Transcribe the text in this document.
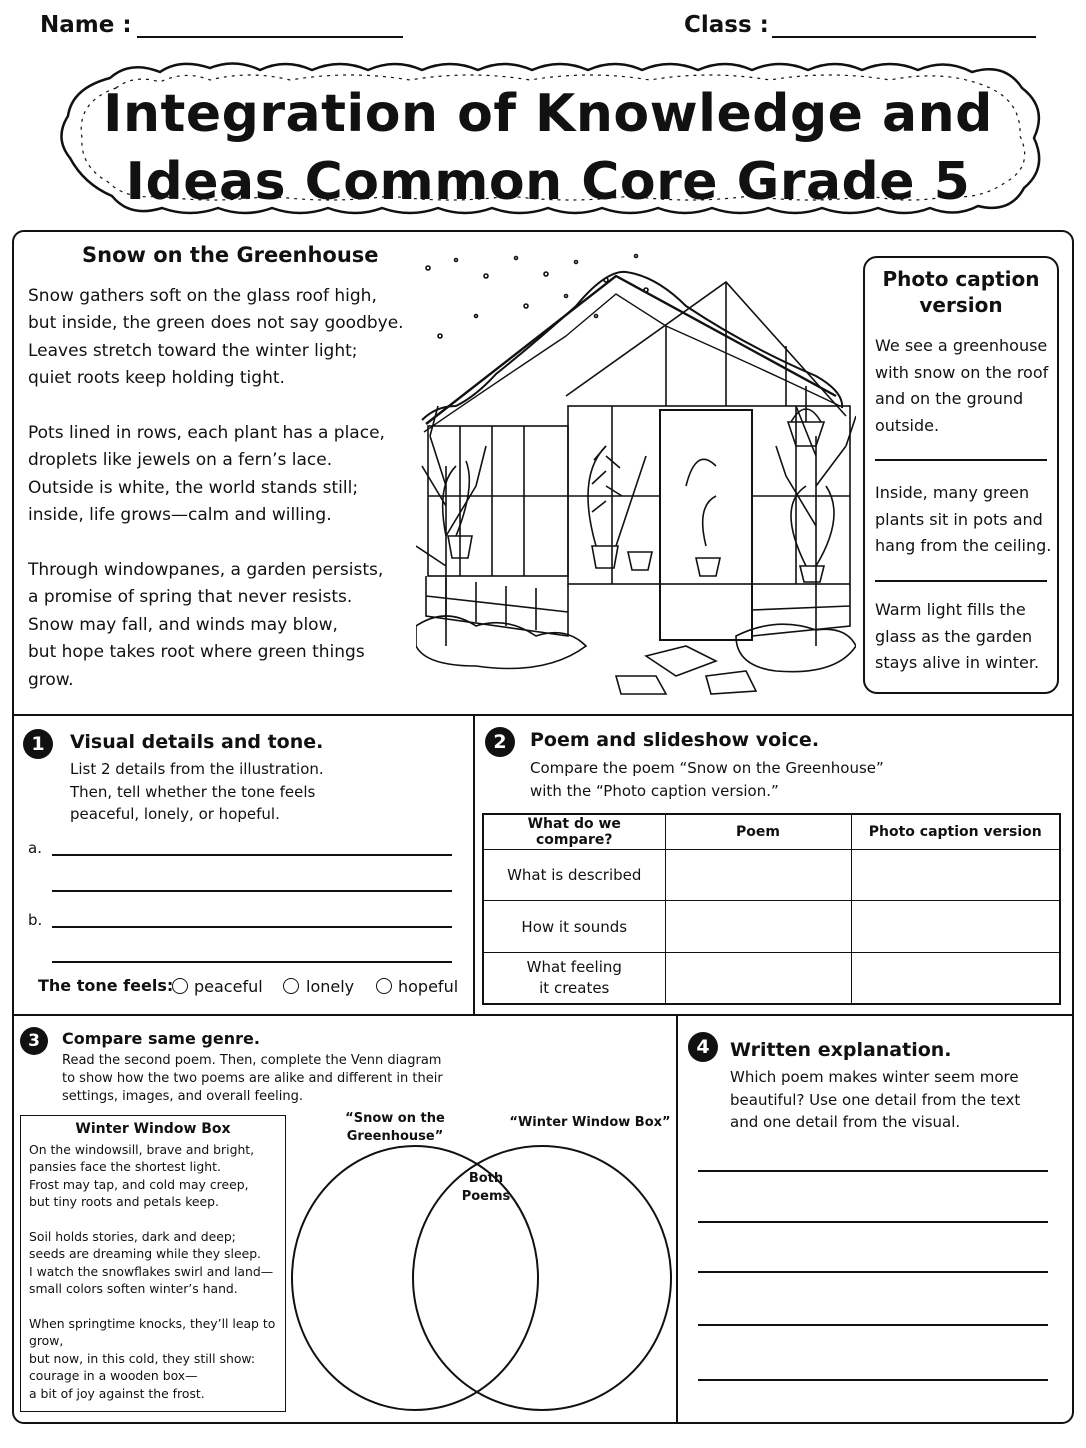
Name :	Class :
Integration of Knowledge and
Ideas Common Core Grade 5
Snow on the Greenhouse
Snow gathers soft on the glass roof high,
but inside, the green does not say goodbye.
Leaves stretch toward the winter light;
quiet roots keep holding tight.

Pots lined in rows, each plant has a place,
droplets like jewels on a fern’s lace.
Outside is white, the world stands still;
inside, life grows—calm and willing.

Through windowpanes, a garden persists,
a promise of spring that never resists.
Snow may fall, and winds may blow,
but hope takes root where green things grow.
Photo caption
version
We see a greenhouse
with snow on the roof
and on the ground
outside.
Inside, many green
plants sit in pots and
hang from the ceiling.
Warm light fills the
glass as the garden
stays alive in winter.
1	Visual details and tone.
List 2 details from the illustration.
Then, tell whether the tone feels
peaceful, lonely, or hopeful.
a.
b.
The tone feels: peaceful	lonely	hopeful
2	Poem and slideshow voice.
Compare the poem “Snow on the Greenhouse”
with the “Photo caption version.”
What do we compare?	Poem	Photo caption version
What is described		
How it sounds		
What feeling it creates		
3	Compare same genre.
Read the second poem. Then, complete the Venn diagram
to show how the two poems are alike and different in their
settings, images, and overall feeling.
Winter Window Box
On the windowsill, brave and bright,
pansies face the shortest light.
Frost may tap, and cold may creep,
but tiny roots and petals keep.

Soil holds stories, dark and deep;
seeds are dreaming while they sleep.
I watch the snowflakes swirl and land—
small colors soften winter’s hand.

When springtime knocks, they’ll leap to
grow,
but now, in this cold, they still show:
courage in a wooden box—
a bit of joy against the frost.
“Snow on the
Greenhouse”
“Winter Window Box”
Both
Poems
4	Written explanation.
Which poem makes winter seem more
beautiful? Use one detail from the text
and one detail from the visual.
